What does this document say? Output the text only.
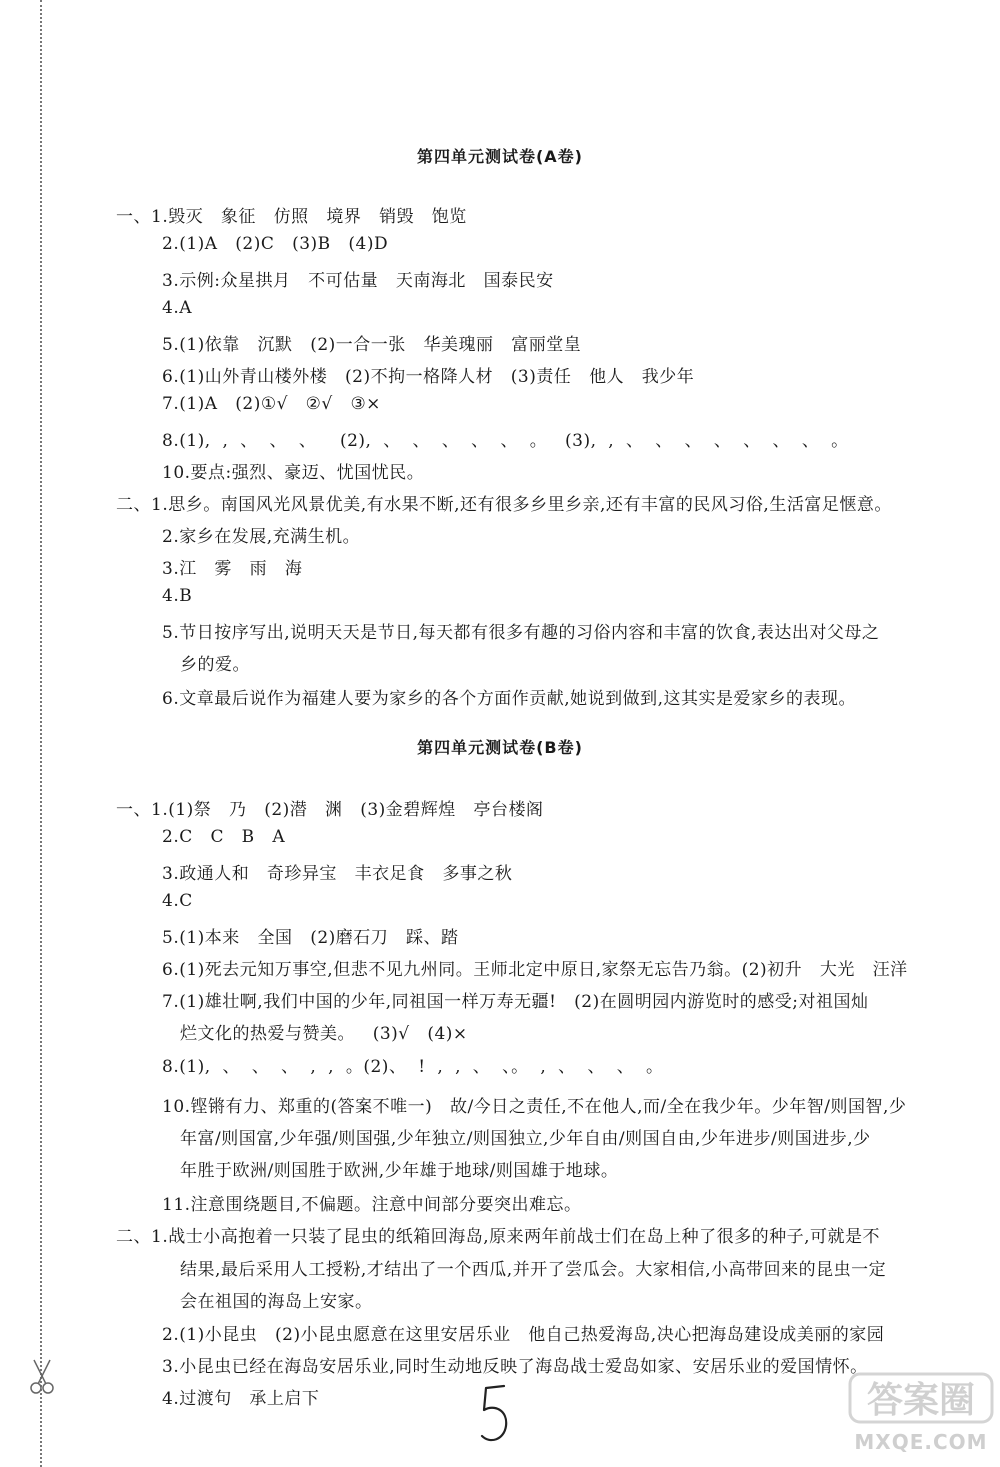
第四单元测试卷(A卷)
一、1.毁灭   象征   仿照   境界   销毁   饱览
2.(1)A   (2)C   (3)B   (4)D
3.示例:众星拱月   不可估量   天南海北   国泰民安
4.A
5.(1)依靠   沉默   (2)一合一张   华美瑰丽   富丽堂皇
6.(1)山外青山楼外楼   (2)不拘一格降人材   (3)责任   他人   我少年
7.(1)A   (2)①√   ②√   ③×
8.(1),  ,  、  、  、    (2),  、  、  、  、  、  。   (3),  ,  、  、  、  、  、  、  、  。
10.要点:强烈、豪迈、忧国忧民。
二、1.思乡。南国风光风景优美,有水果不断,还有很多乡里乡亲,还有丰富的民风习俗,生活富足惬意。
2.家乡在发展,充满生机。
3.江   雾   雨   海
4.B
5.节日按序写出,说明天天是节日,每天都有很多有趣的习俗内容和丰富的饮食,表达出对父母之
乡的爱。
6.文章最后说作为福建人要为家乡的各个方面作贡献,她说到做到,这其实是爱家乡的表现。
第四单元测试卷(B卷)
一、1.(1)祭   乃   (2)潜   渊   (3)金碧辉煌   亭台楼阁
2.C   C   B   A
3.政通人和   奇珍异宝   丰衣足食   多事之秋
4.C
5.(1)本来   全国   (2)磨石刀   踩、踏
6.(1)死去元知万事空,但悲不见九州同。王师北定中原日,家祭无忘告乃翁。(2)初升   大光   汪洋
7.(1)雄壮啊,我们中国的少年,同祖国一样万寿无疆!   (2)在圆明园内游览时的感受;对祖国灿
烂文化的热爱与赞美。   (3)√   (4)×
8.(1),  、  、  、  ,  ,  。(2)、  !  ,  ,  、  、。  ,  、  、  、  。
10.铿锵有力、郑重的(答案不唯一)   故/今日之责任,不在他人,而/全在我少年。少年智/则国智,少
年富/则国富,少年强/则国强,少年独立/则国独立,少年自由/则国自由,少年进步/则国进步,少
年胜于欧洲/则国胜于欧洲,少年雄于地球/则国雄于地球。
11.注意围绕题目,不偏题。注意中间部分要突出难忘。
二、1.战士小高抱着一只装了昆虫的纸箱回海岛,原来两年前战士们在岛上种了很多的种子,可就是不
结果,最后采用人工授粉,才结出了一个西瓜,并开了尝瓜会。大家相信,小高带回来的昆虫一定
会在祖国的海岛上安家。
2.(1)小昆虫   (2)小昆虫愿意在这里安居乐业   他自己热爱海岛,决心把海岛建设成美丽的家园
3.小昆虫已经在海岛安居乐业,同时生动地反映了海岛战士爱岛如家、安居乐业的爱国情怀。
4.过渡句   承上启下	答案圈
MXQE.COM
